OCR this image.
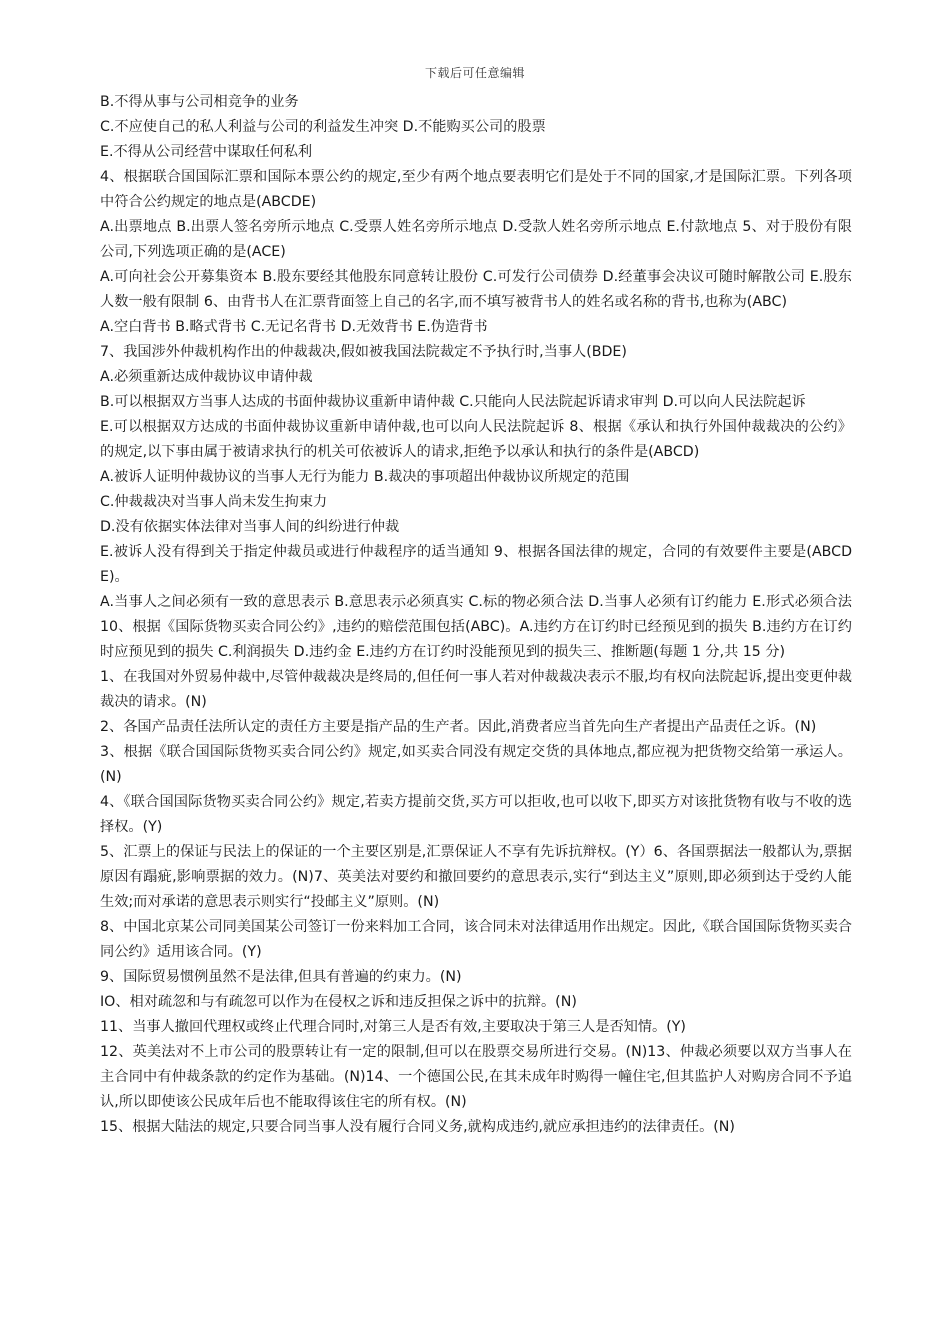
下载后可任意编辑

B.不得从事与公司相竞争的业务

C.不应使自己的私人利益与公司的利益发生冲突 D.不能购买公司的股票

E.不得从公司经营中谋取任何私利

4、根据联合国国际汇票和国际本票公约的规定,至少有两个地点要表明它们是处于不同的国家,才是国际汇票。下列各项中符合公约规定的地点是(ABCDE)

A.出票地点 B.出票人签名旁所示地点 C.受票人姓名旁所示地点 D.受款人姓名旁所示地点 E.付款地点 5、对于股份有限公司,下列选项正确的是(ACE)

A.可向社会公开募集资本 B.股东要经其他股东同意转让股份 C.可发行公司债券 D.经董事会决议可随时解散公司 E.股东人数一般有限制 6、由背书人在汇票背面签上自己的名字,而不填写被背书人的姓名或名称的背书,也称为(ABC)

A.空白背书 B.略式背书 C.无记名背书 D.无效背书 E.伪造背书

7、我国涉外仲裁机构作出的仲裁裁决,假如被我国法院裁定不予执行时,当事人(BDE)

A.必须重新达成仲裁协议申请仲裁

B.可以根据双方当事人达成的书面仲裁协议重新申请仲裁 C.只能向人民法院起诉请求审判 D.可以向人民法院起诉

E.可以根据双方达成的书面仲裁协议重新申请仲裁,也可以向人民法院起诉 8、根据《承认和执行外国仲裁裁决的公约》的规定,以下事由属于被请求执行的机关可依被诉人的请求,拒绝予以承认和执行的条件是(ABCD)

A.被诉人证明仲裁协议的当事人无行为能力 B.裁决的事项超出仲裁协议所规定的范围

C.仲裁裁决对当事人尚未发生拘束力

D.没有依据实体法律对当事人间的纠纷进行仲裁

E.被诉人没有得到关于指定仲裁员或进行仲裁程序的适当通知 9、根据各国法律的规定，合同的有效要件主要是(ABCDE)。

A.当事人之间必须有一致的意思表示 B.意思表示必须真实 C.标的物必须合法 D.当事人必须有订约能力 E.形式必须合法 10、根据《国际货物买卖合同公约》,违约的赔偿范围包括(ABC)。A.违约方在订约时已经预见到的损失 B.违约方在订约时应预见到的损失 C.利润损失 D.违约金 E.违约方在订约时没能预见到的损失三、推断题(每题 1 分,共 15 分)

1、在我国对外贸易仲裁中,尽管仲裁裁决是终局的,但任何一事人若对仲裁裁决表示不服,均有权向法院起诉,提出变更仲裁裁决的请求。(N)

2、各国产品责任法所认定的责任方主要是指产品的生产者。因此,消费者应当首先向生产者提出产品责任之诉。(N)

3、根据《联合国国际货物买卖合同公约》规定,如买卖合同没有规定交货的具体地点,都应视为把货物交给第一承运人。(N)

4、《联合国国际货物买卖合同公约》规定,若卖方提前交货,买方可以拒收,也可以收下,即买方对该批货物有收与不收的选择权。(Y)

5、汇票上的保证与民法上的保证的一个主要区别是,汇票保证人不享有先诉抗辩权。(Y）6、各国票据法一般都认为,票据原因有蹋疵,影响票据的效力。(N)7、英美法对要约和撤回要约的意思表示,实行“到达主义”原则,即必须到达于受约人能生效;而对承诺的意思表示则实行“投邮主义”原则。(N)

8、中国北京某公司同美国某公司签订一份来料加工合同，该合同未对法律适用作出规定。因此,《联合国国际货物买卖合同公约》适用该合同。(Y)

9、国际贸易惯例虽然不是法律,但具有普遍的约束力。(N)

IO、相对疏忽和与有疏忽可以作为在侵权之诉和违反担保之诉中的抗辩。(N)

11、当事人撤回代理权或终止代理合同时,对第三人是否有效,主要取决于第三人是否知情。(Y)

12、英美法对不上市公司的股票转让有一定的限制,但可以在股票交易所进行交易。(N)13、仲裁必须要以双方当事人在主合同中有仲裁条款的约定作为基础。(N)14、一个德国公民,在其未成年时购得一幢住宅,但其监护人对购房合同不予追认,所以即使该公民成年后也不能取得该住宅的所有权。(N)

15、根据大陆法的规定,只要合同当事人没有履行合同义务,就构成违约,就应承担违约的法律责任。(N)
